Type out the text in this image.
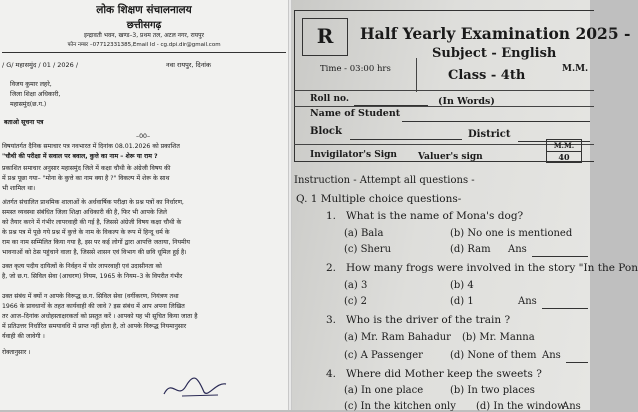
लोक शिक्षण संचालनालय
छत्तीसगढ़
इन्द्रावती भवन, खण्ड–3, प्रथम तल, अटल नगर, रायपुर
फोन नम्बर –07712331385,Email Id - cg.dpi.dir@gmail.com
/ G/ महासमुंद / 01 / 2026 /	नवा रायपुर, दिनांक
विजय कुमार लहरे,
जिला शिक्षा अधिकारी,
महासमुंद(छ.ग.)
बताओ सूचना पत्र
–00–
विषयांतर्गत दैनिक समाचार पत्र नवभारत में दिनांक 08.01.2026 को प्रकाशित
"चौथी की परीक्षा में सवाल पर बवाल, कुत्ते का नाम – शेरू या राम ?
प्रकाशित समाचार अनुसार महासमुंद जिले में कक्षा चौथी के अंग्रेजी विषय की
में प्रश्न पूछा गया– "मोना के कुत्ते का नाम क्या है ?" विकल्प में शेरू के साथ
भी शामिल था।
अंतर्गत संचालित प्राथमिक शालाओं के अर्धवार्षिक परीक्षा के प्रश्न पत्रों का निर्धारण,
समस्त व्यवस्था संबंधित जिला शिक्षा अधिकारी की है, फिर भी आपके जिले
को तैयार करने में गंभीर लापरवाही की गई है, जिससे अंग्रेजी विषय कक्षा चौथी के
के प्रश्न पत्र में पूछे गये प्रश्न में कुत्ते के नाम के विकल्प के रूप में हिन्दू धर्म के
राम का नाम सम्मिलित किया गया है, इस पर कई लोगों द्वारा आपत्ति जताया, नियमीय
भावनाओं को ठेस पहुंचाने वाला है, जिससे शासन एवं विभाग की छवि धूमिल हुई है।
उक्त कृत्य पदीय दायित्वों के निर्वहन में घोर लापरवाही एवं उदासीनता को
है, जो छ.ग. सिविल सेवा (आचरण) नियम, 1965 के नियम–3 के विपरीत गंभीर
उक्त संबंध में क्यों न आपके विरूद्ध छ.ग. सिविल सेवा (वर्गीकरण, नियंत्रण तथा
1966 के प्रावधानों के तहत कार्यवाही की जावे ? इस संबंध में आप अपना लिखित
तर आज–दिनांक अधोहस्ताक्षरकर्ता को प्रस्तुत करें । आपको यह भी सूचित किया जाता है
में प्रतिउत्तर निर्धारित समयावधि में प्राप्त नहीं होता है, तो आपके विरूद्ध नियमानुसार
र्यवाही की जावेगी ।
रोक्तानुसार ।
R	Half Yearly Examination 2025 -
Subject - English
Class - 4th	M.M.
Time - 03:00 hrs
Roll no.	(In Words)
Name of Student
Block	District
Invigilator's Sign Valuer's sign
M.M.
40
Instruction - Attempt all questions -
Q. 1 Multiple choice questions-
1. What is the name of Mona's dog?
(a) Bala	(b) No one is mentioned
(c) Sheru	(d) Ram Ans
2. How many frogs were involved in the story "In the Pon
(a) 3	(b) 4
(c) 2	(d) 1	Ans
3. Who is the driver of the train ?
(a) Mr. Ram Bahadur (b) Mr. Manna
(c) A Passenger	(d) None of them Ans
4. Where did Mother keep the sweets ?
(a) In one place	(b) In two places
(c) In the kitchen only (d) In the window
Ans
